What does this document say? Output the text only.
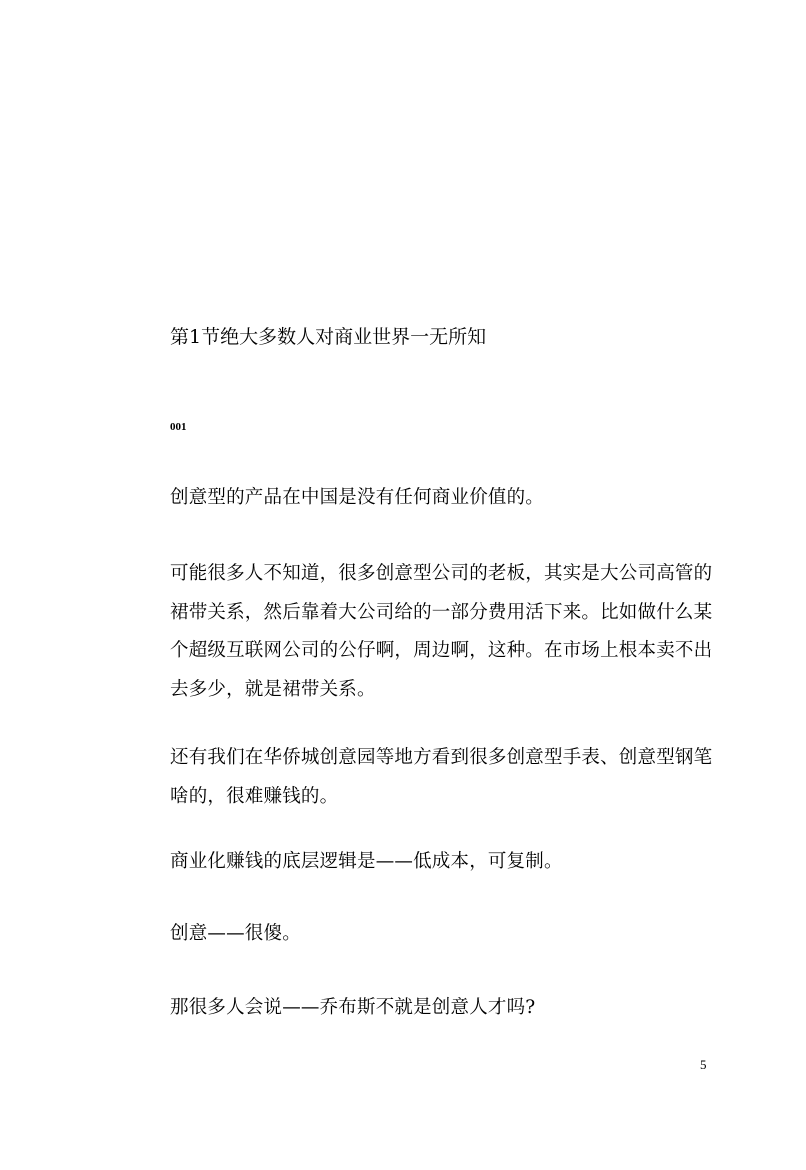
第1节绝大多数人对商业世界一无所知
001
创意型的产品在中国是没有任何商业价值的。
可能很多人不知道，很多创意型公司的老板，其实是大公司高管的裙带关系，然后靠着大公司给的一部分费用活下来。比如做什么某个超级互联网公司的公仔啊，周边啊，这种。在市场上根本卖不出去多少，就是裙带关系。
还有我们在华侨城创意园等地方看到很多创意型手表、创意型钢笔啥的，很难赚钱的。
商业化赚钱的底层逻辑是——低成本，可复制。
创意——很傻。
那很多人会说——乔布斯不就是创意人才吗?
5
